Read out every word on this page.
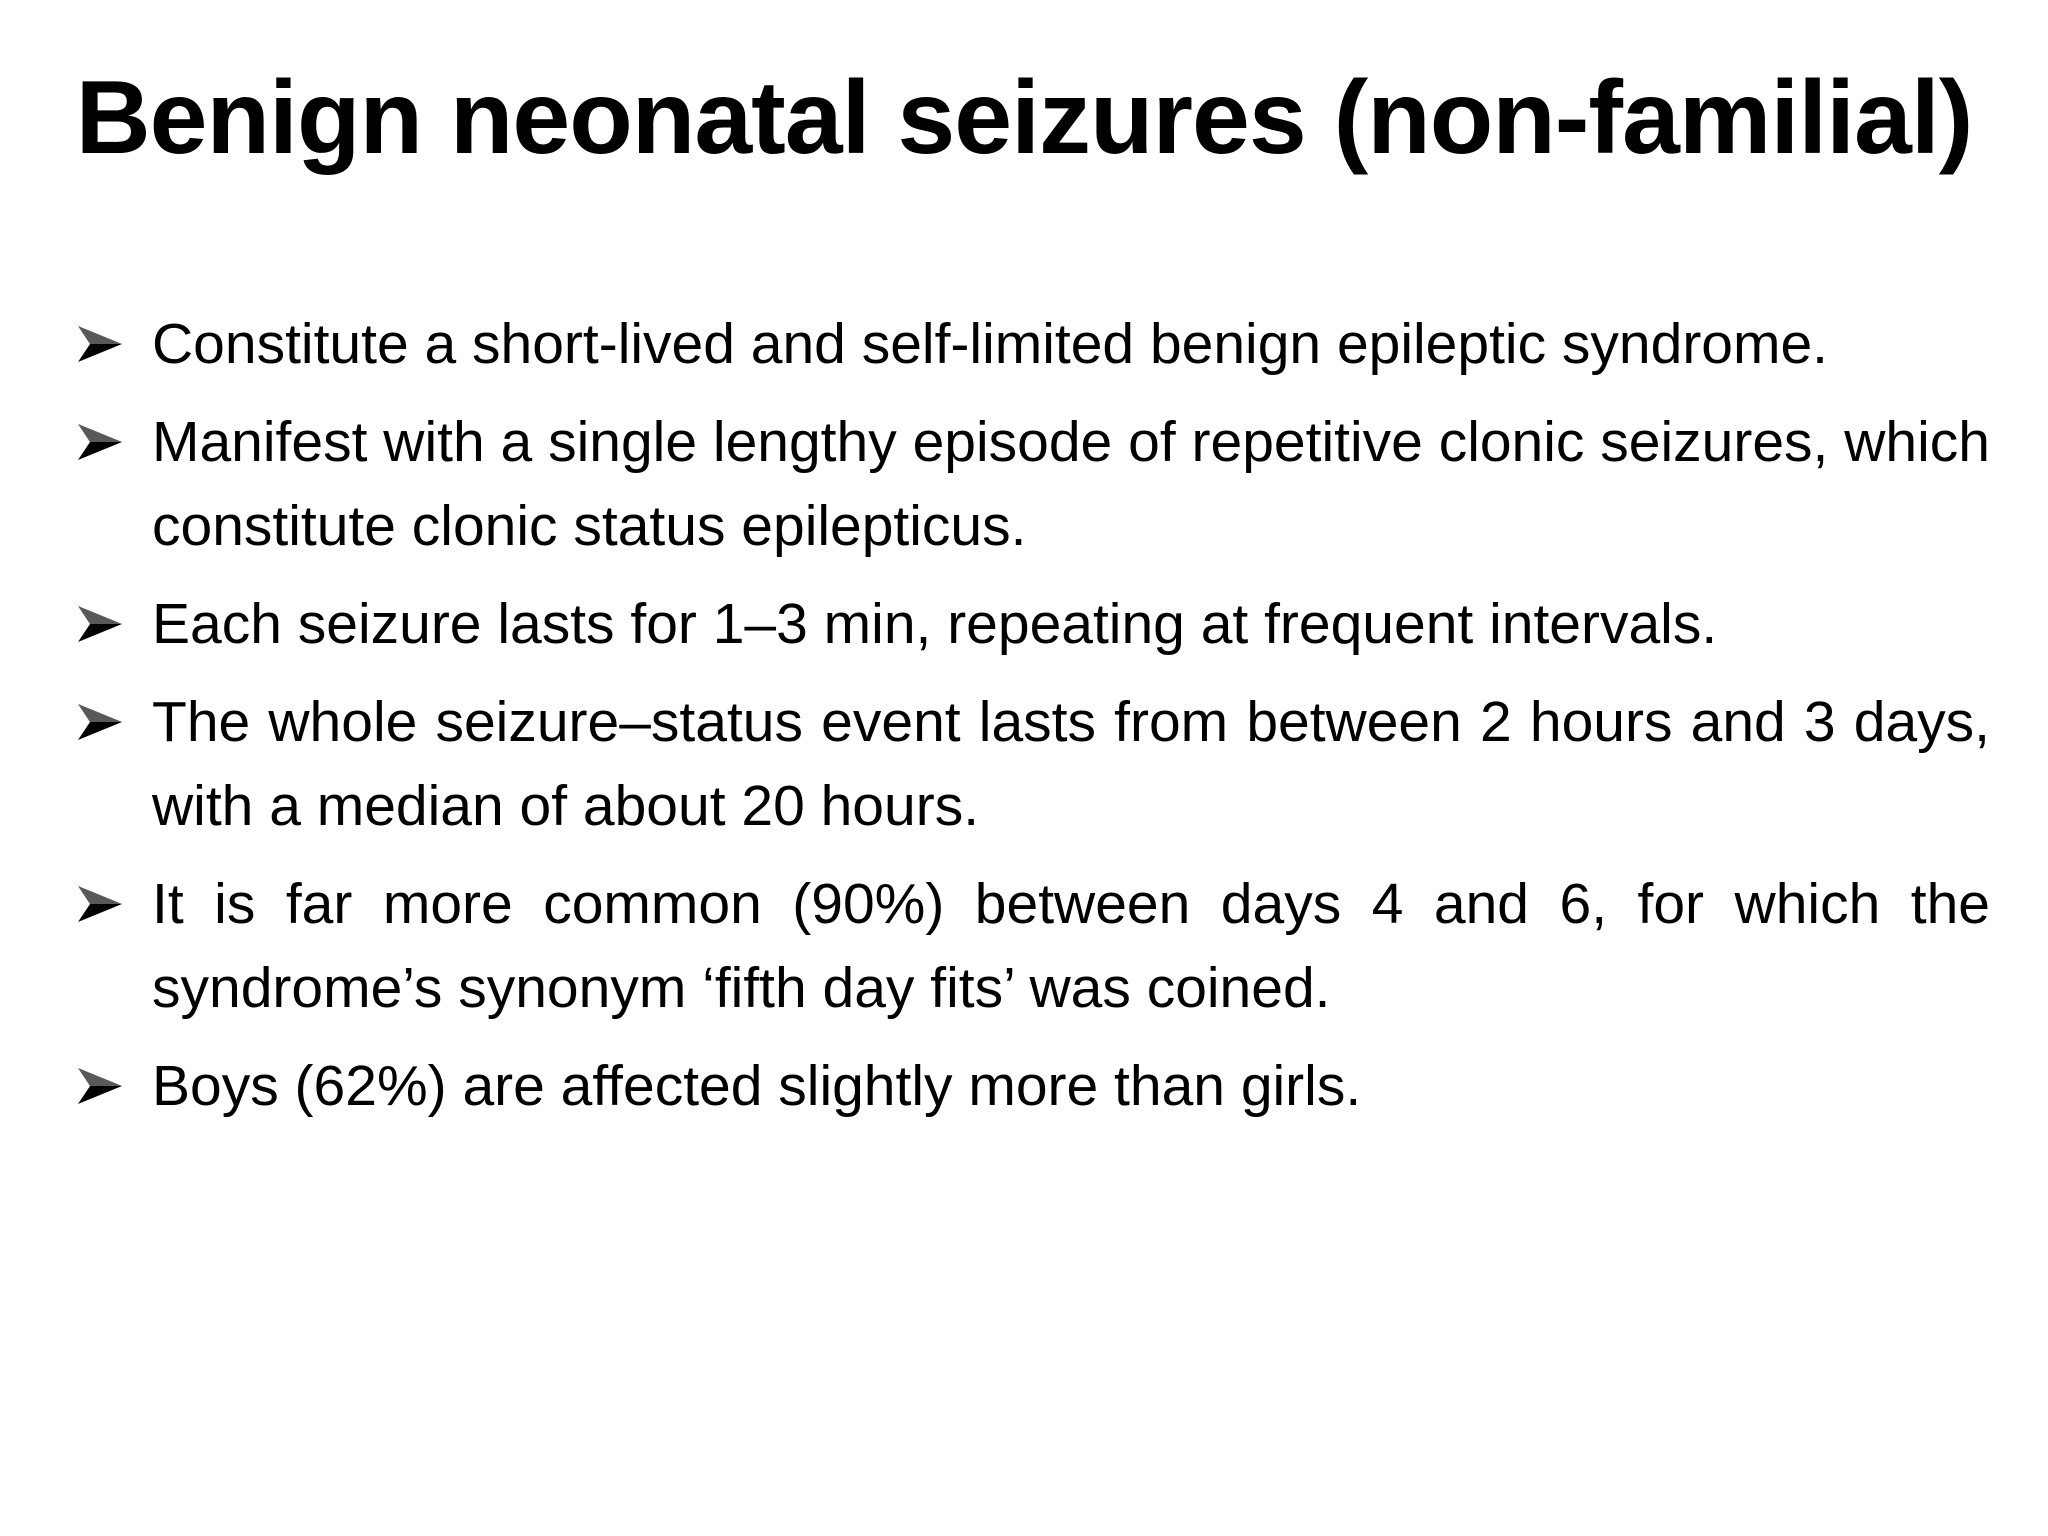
Benign neonatal seizures (non-familial)
Constitute a short-lived and self-limited benign epileptic syndrome.
Manifest with a single lengthy episode of repetitive clonic seizures, which constitute clonic status epilepticus.
Each seizure lasts for 1–3 min, repeating at frequent intervals.
The whole seizure–status event lasts from between 2 hours and 3 days, with a median of about 20 hours.
It is far more common (90%) between days 4 and 6, for which the syndrome’s synonym ‘fifth day fits’ was coined.
Boys (62%) are affected slightly more than girls.
